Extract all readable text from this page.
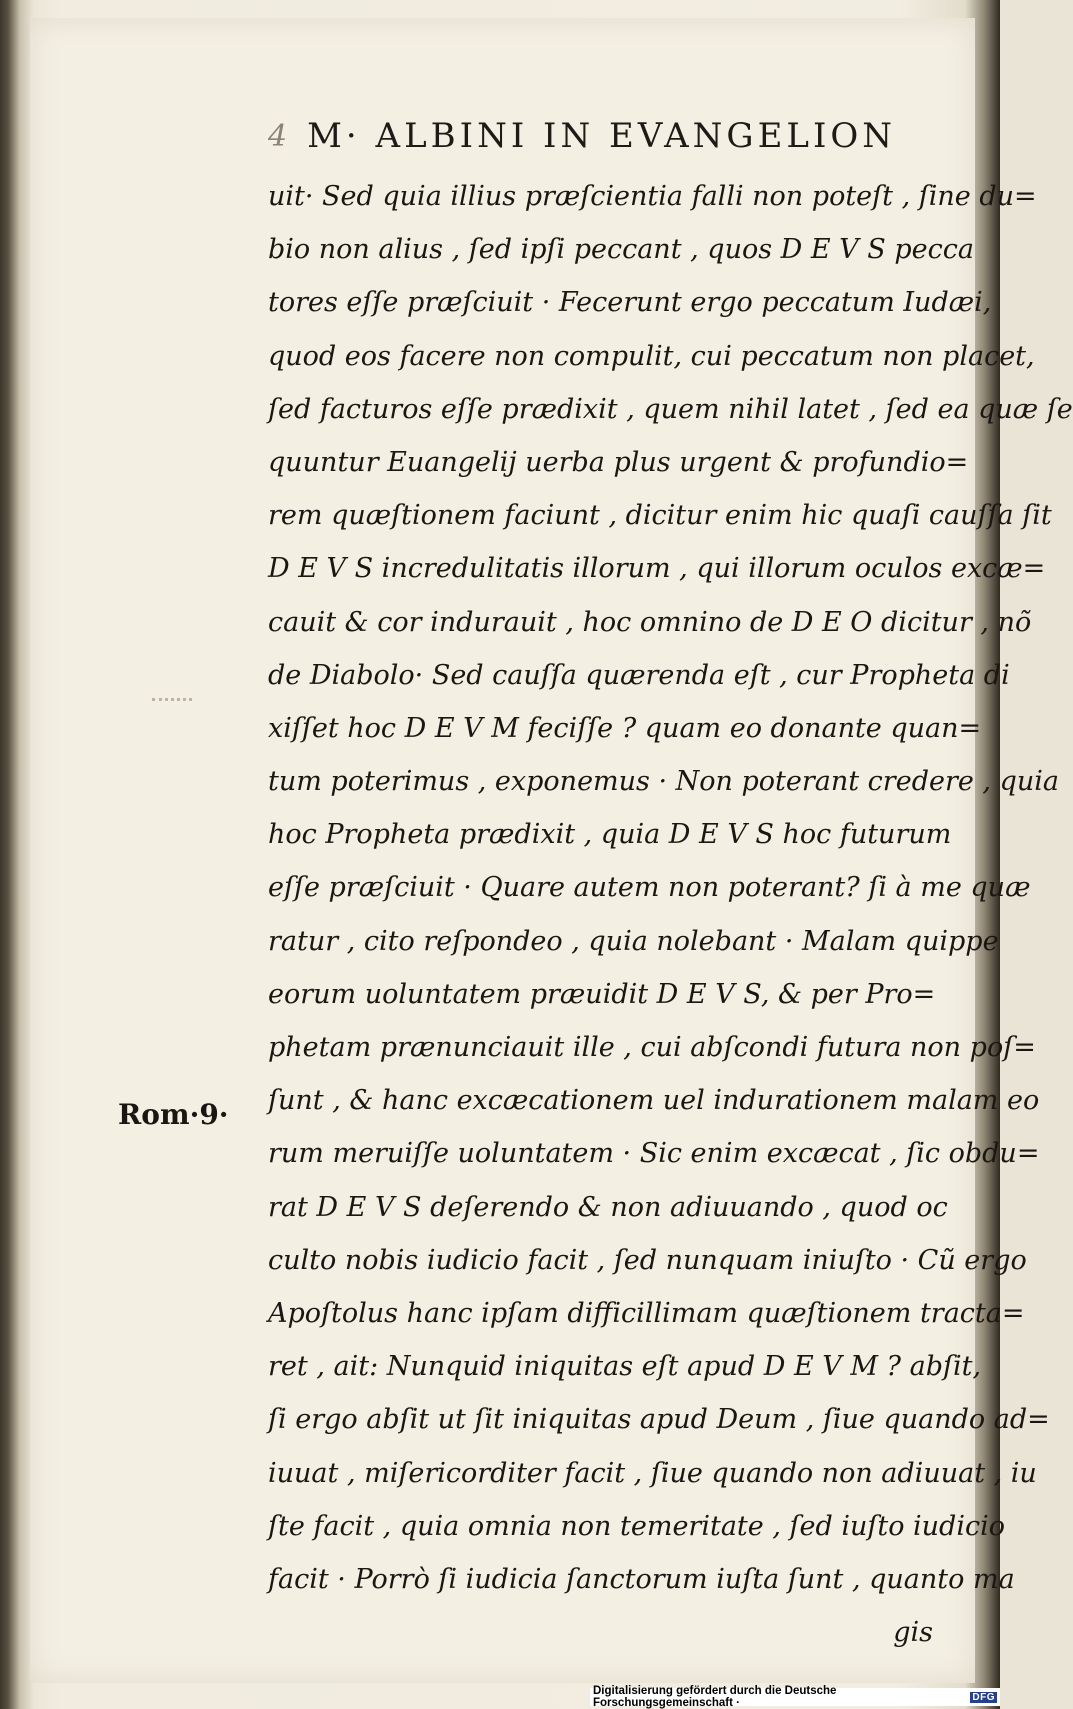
4 M· ALBINI IN EVANGELION
uit· Sed quia illius præſcientia falli non poteſt , ſine du=
bio non alius , ſed ipſi peccant , quos D E V S pecca
tores eſſe præſciuit · Fecerunt ergo peccatum Iudæi,
quod eos facere non compulit, cui peccatum non placet,
ſed facturos eſſe prædixit , quem nihil latet , ſed ea quæ ſe
quuntur Euangelij uerba plus urgent & profundio=
rem quæſtionem faciunt , dicitur enim hic quaſi cauſſa ſit
D E V S incredulitatis illorum , qui illorum oculos excæ=
cauit & cor indurauit , hoc omnino de D E O dicitur , nõ
de Diabolo· Sed cauſſa quærenda eſt , cur Propheta di
xiſſet hoc D E V M feciſſe ? quam eo donante quan=
tum poterimus , exponemus · Non poterant credere , quia
hoc Propheta prædixit , quia D E V S hoc futurum
eſſe præſciuit · Quare autem non poterant? ſi à me quæ
ratur , cito reſpondeo , quia nolebant · Malam quippe
eorum uoluntatem præuidit D E V S, & per Pro=
phetam prænunciauit ille , cui abſcondi futura non poſ=
ſunt , & hanc excæcationem uel indurationem malam eo
rum meruiſſe uoluntatem · Sic enim excæcat , ſic obdu=
rat D E V S deſerendo & non adiuuando , quod oc
culto nobis iudicio facit , ſed nunquam iniuſto · Cũ ergo
Apoſtolus hanc ipſam difficillimam quæſtionem tracta=
ret , ait: Nunquid iniquitas eſt apud D E V M ? abſit,
ſi ergo abſit ut ſit iniquitas apud Deum , ſiue quando ad=
iuuat , miſericorditer facit , ſiue quando non adiuuat , iu
ſte facit , quia omnia non temeritate , ſed iuſto iudicio
facit · Porrò ſi iudicia ſanctorum iuſta ſunt , quanto ma
gis
Rom·9·
Digitalisierung gefördert durch die Deutsche Forschungsgemeinschaft ·	DFG
